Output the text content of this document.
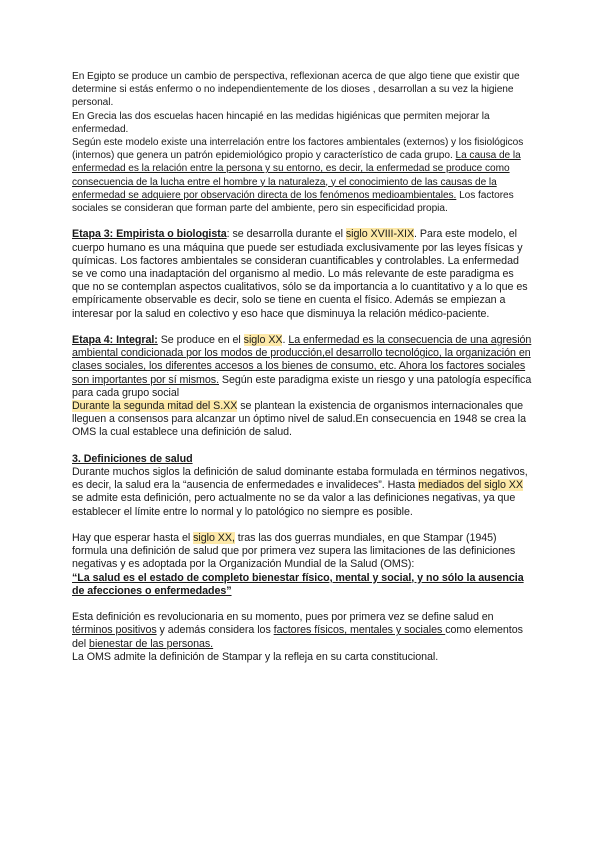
En Egipto se produce un cambio de perspectiva, reflexionan acerca de que algo tiene que existir que determine si estás enfermo o no independientemente de los dioses , desarrollan a su vez la higiene personal.

En Grecia las dos escuelas hacen hincapié en las medidas higiénicas que permiten mejorar la enfermedad.

Según este modelo existe una interrelación entre los factores ambientales (externos) y los fisiológicos (internos) que genera un patrón epidemiológico propio y característico de cada grupo. La causa de la enfermedad es la relación entre la persona y su entorno, es decir, la enfermedad se produce como consecuencia de la lucha entre el hombre y la naturaleza, y el conocimiento de las causas de la enfermedad se adquiere por observación directa de los fenómenos medioambientales. Los factores sociales se consideran que forman parte del ambiente, pero sin especificidad propia.

Etapa 3: Empirista o biologista: se desarrolla durante el siglo XVIII-XIX. Para este modelo, el cuerpo humano es una máquina que puede ser estudiada exclusivamente por las leyes físicas y químicas. Los factores ambientales se consideran cuantificables y controlables. La enfermedad se ve como una inadaptación del organismo al medio. Lo más relevante de este paradigma es que no se contemplan aspectos cualitativos, sólo se da importancia a lo cuantitativo y a lo que es empíricamente observable es decir, solo se tiene en cuenta el físico. Además se empiezan a interesar por la salud en colectivo y eso hace que disminuya la relación médico-paciente.

Etapa 4: Integral: Se produce en el siglo XX. La enfermedad es la consecuencia de una agresión ambiental condicionada por los modos de producción,el desarrollo tecnológico, la organización en clases sociales, los diferentes accesos a los bienes de consumo, etc. Ahora los factores sociales son importantes por sí mismos. Según este paradigma existe un riesgo y una patología específica para cada grupo social
Durante la segunda mitad del S.XX se plantean la existencia de organismos internacionales que lleguen a consensos para alcanzar un óptimo nivel de salud.En consecuencia en 1948 se crea la OMS la cual establece una definición de salud.

3. Definiciones de salud

Durante muchos siglos la definición de salud dominante estaba formulada en términos negativos, es decir, la salud era la “ausencia de enfermedades e invalideces”. Hasta mediados del siglo XX se admite esta definición, pero actualmente no se da valor a las definiciones negativas, ya que establecer el límite entre lo normal y lo patológico no siempre es posible.

Hay que esperar hasta el siglo XX, tras las dos guerras mundiales, en que Stampar (1945) formula una definición de salud que por primera vez supera las limitaciones de las definiciones negativas y es adoptada por la Organización Mundial de la Salud (OMS):
“La salud es el estado de completo bienestar físico, mental y social, y no sólo la ausencia de afecciones o enfermedades”

Esta definición es revolucionaria en su momento, pues por primera vez se define salud en términos positivos y además considera los factores físicos, mentales y sociales como elementos del bienestar de las personas.

La OMS admite la definición de Stampar y la refleja en su carta constitucional.
